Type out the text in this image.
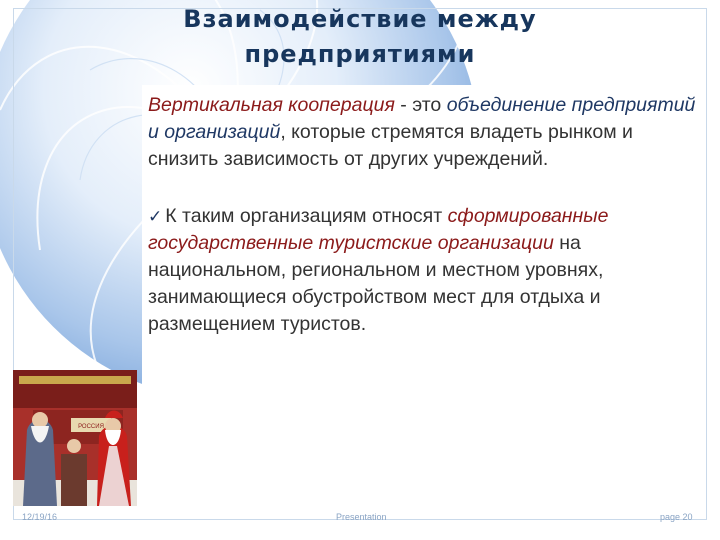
Взаимодействие между
предприятиями

Вертикальная кооперация - это объединение предприятий и организаций, которые стремятся владеть рынком и снизить зависимость от других учреждений.

✓ К таким организациям относят сформированные государственные туристские организации на национальном, региональном и местном уровнях, занимающиеся обустройством мест для отдыха и размещением туристов.

РОССИЯ
12/19/16	Presentation	page 20
